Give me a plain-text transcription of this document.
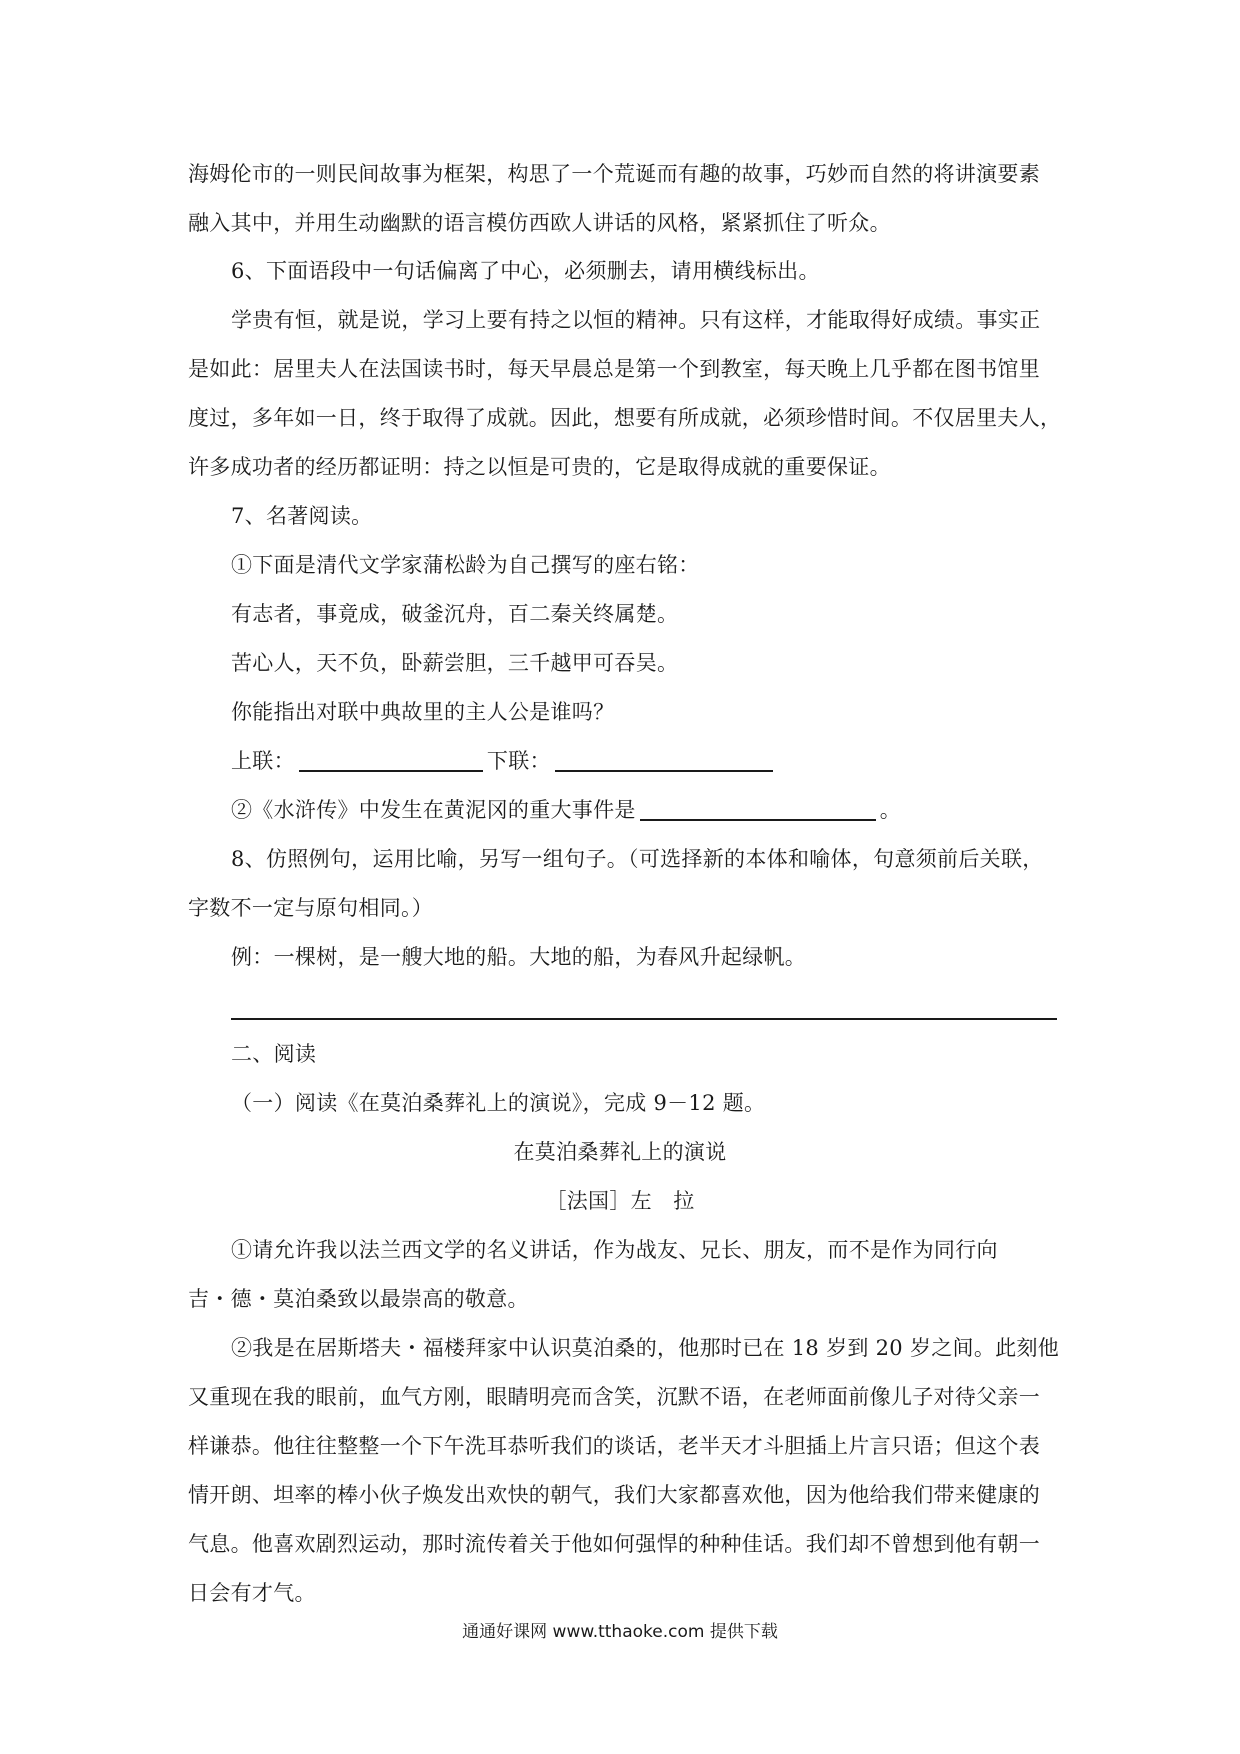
海姆伦市的一则民间故事为框架，构思了一个荒诞而有趣的故事，巧妙而自然的将讲演要素
融入其中，并用生动幽默的语言模仿西欧人讲话的风格，紧紧抓住了听众。
6、下面语段中一句话偏离了中心，必须删去，请用横线标出。
学贵有恒，就是说，学习上要有持之以恒的精神。只有这样，才能取得好成绩。事实正
是如此：居里夫人在法国读书时，每天早晨总是第一个到教室，每天晚上几乎都在图书馆里
度过，多年如一日，终于取得了成就。因此，想要有所成就，必须珍惜时间。不仅居里夫人，
许多成功者的经历都证明：持之以恒是可贵的，它是取得成就的重要保证。
7、名著阅读。
①下面是清代文学家蒲松龄为自己撰写的座右铭：
有志者，事竟成，破釜沉舟，百二秦关终属楚。
苦心人，天不负，卧薪尝胆，三千越甲可吞吴。
你能指出对联中典故里的主人公是谁吗？
上联：	下联：
②《水浒传》中发生在黄泥冈的重大事件是	。
8、仿照例句，运用比喻，另写一组句子。（可选择新的本体和喻体，句意须前后关联，
字数不一定与原句相同。）
例：一棵树，是一艘大地的船。大地的船，为春风升起绿帆。
二、阅读
（一）阅读《在莫泊桑葬礼上的演说》，完成 9－12 题。
在莫泊桑葬礼上的演说
［法国］左　拉
①请允许我以法兰西文学的名义讲话，作为战友、兄长、朋友，而不是作为同行向
吉・德・莫泊桑致以最崇高的敬意。
②我是在居斯塔夫・福楼拜家中认识莫泊桑的，他那时已在 18 岁到 20 岁之间。此刻他
又重现在我的眼前，血气方刚，眼睛明亮而含笑，沉默不语，在老师面前像儿子对待父亲一
样谦恭。他往往整整一个下午洗耳恭听我们的谈话，老半天才斗胆插上片言只语；但这个表
情开朗、坦率的棒小伙子焕发出欢快的朝气，我们大家都喜欢他，因为他给我们带来健康的
气息。他喜欢剧烈运动，那时流传着关于他如何强悍的种种佳话。我们却不曾想到他有朝一
日会有才气。
通通好课网 www.tthaoke.com 提供下载
